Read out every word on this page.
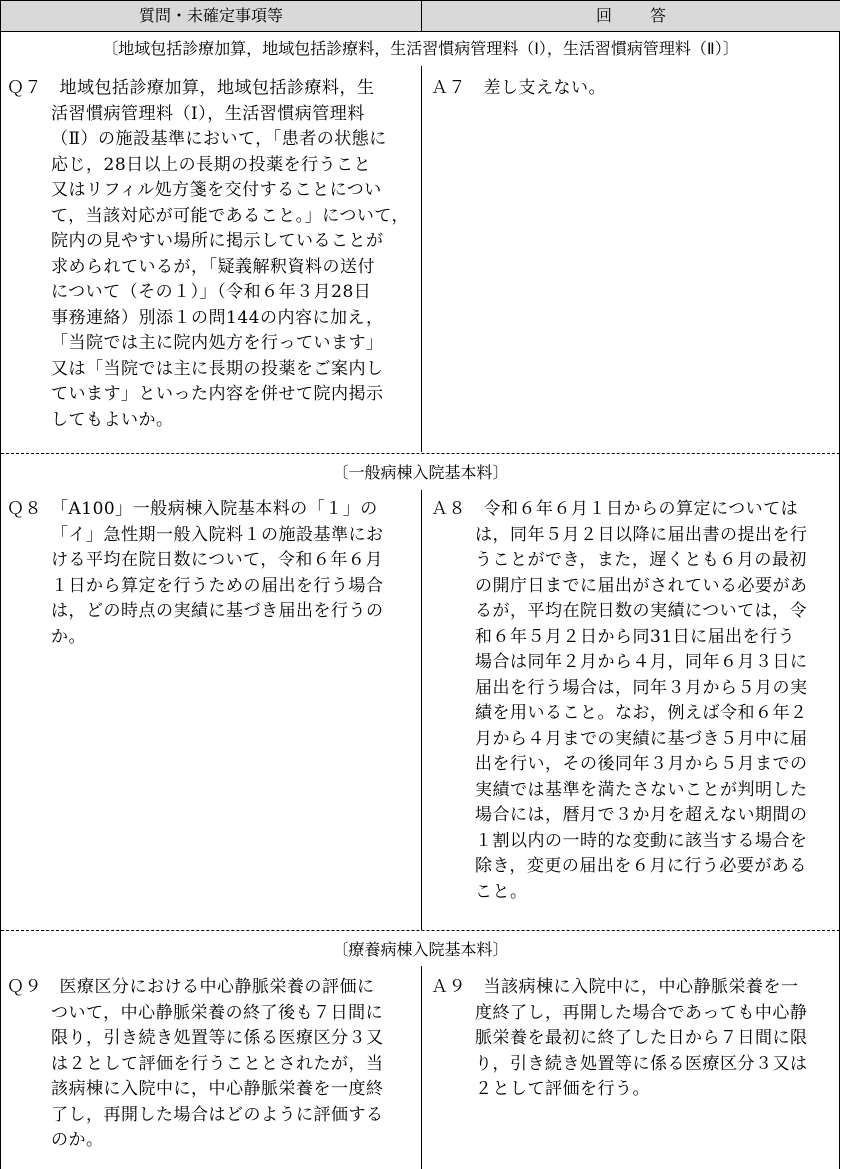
質問・未確定事項等	回答
〔地域包括診療加算，地域包括診療料，生活習慣病管理料（Ⅰ），生活習慣病管理料（Ⅱ）〕
Ｑ７　地域包括診療加算，地域包括診療料，生
活習慣病管理料（Ⅰ），生活習慣病管理料
（Ⅱ）の施設基準において，「患者の状態に
応じ，28日以上の長期の投薬を行うこと
又はリフィル処方箋を交付することについ
て，当該対応が可能であること。」について，
院内の見やすい場所に掲示していることが
求められているが，「疑義解釈資料の送付
について（その１）」（令和６年３月28日
事務連絡）別添１の問144の内容に加え，
「当院では主に院内処方を行っています」
又は「当院では主に長期の投薬をご案内し
ています」といった内容を併せて院内掲示
してもよいか。
Ａ７　差し支えない。
〔一般病棟入院基本料〕
Ｑ８　「A100」一般病棟入院基本料の「１」の
「イ」急性期一般入院料１の施設基準にお
ける平均在院日数について，令和６年６月
１日から算定を行うための届出を行う場合
は，どの時点の実績に基づき届出を行うの
か。
Ａ８　令和６年６月１日からの算定については
は，同年５月２日以降に届出書の提出を行
うことができ，また，遅くとも６月の最初
の開庁日までに届出がされている必要があ
るが，平均在院日数の実績については，令
和６年５月２日から同31日に届出を行う
場合は同年２月から４月，同年６月３日に
届出を行う場合は，同年３月から５月の実
績を用いること。なお，例えば令和６年２
月から４月までの実績に基づき５月中に届
出を行い，その後同年３月から５月までの
実績では基準を満たさないことが判明した
場合には，暦月で３か月を超えない期間の
１割以内の一時的な変動に該当する場合を
除き，変更の届出を６月に行う必要がある
こと。
〔療養病棟入院基本料〕
Ｑ９　医療区分における中心静脈栄養の評価に
ついて，中心静脈栄養の終了後も７日間に
限り，引き続き処置等に係る医療区分３又
は２として評価を行うこととされたが，当
該病棟に入院中に，中心静脈栄養を一度終
了し，再開した場合はどのように評価する
のか。
Ａ９　当該病棟に入院中に，中心静脈栄養を一
度終了し，再開した場合であっても中心静
脈栄養を最初に終了した日から７日間に限
り，引き続き処置等に係る医療区分３又は
２として評価を行う。
